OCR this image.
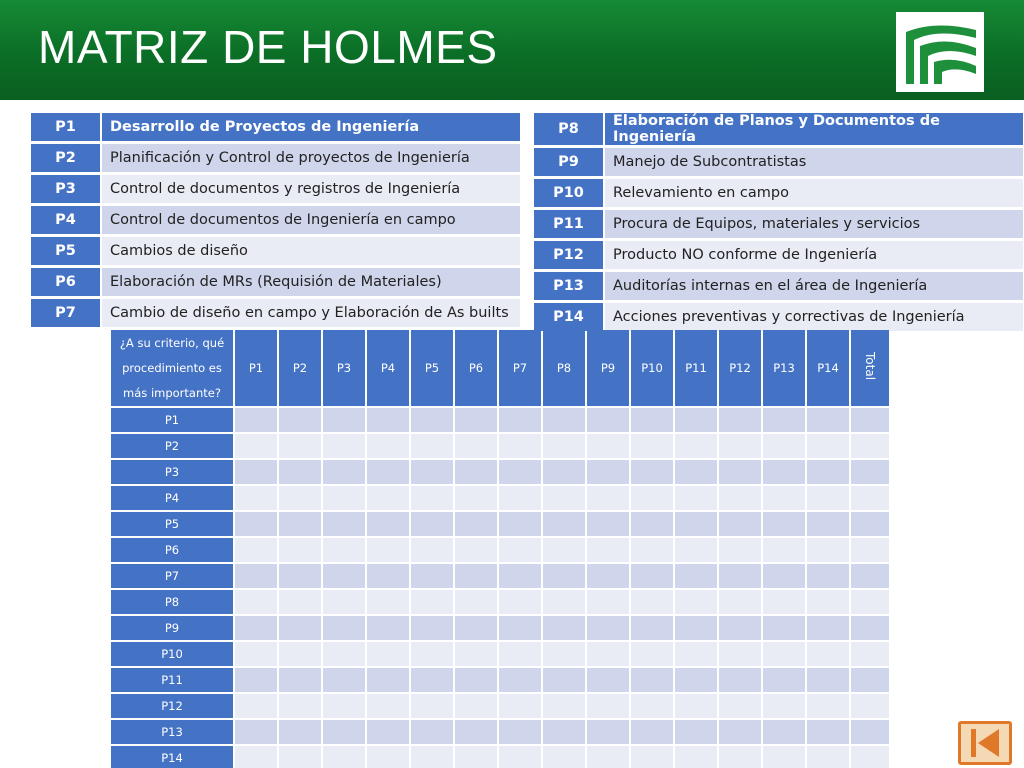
MATRIZ DE HOLMES
P1	Desarrollo de Proyectos de Ingeniería
P2	Planificación y Control de proyectos de Ingeniería
P3	Control de documentos y registros de Ingeniería
P4	Control de documentos de Ingeniería en campo
P5	Cambios de diseño
P6	Elaboración de MRs (Requisión de Materiales)
P7	Cambio de diseño en campo y Elaboración de As builts
P8	Elaboración de Planos y Documentos de Ingeniería
P9	Manejo de Subcontratistas
P10	Relevamiento en campo
P11	Procura de Equipos, materiales y servicios
P12	Producto NO conforme de Ingeniería
P13	Auditorías internas en el área de Ingeniería
P14	Acciones preventivas y correctivas de Ingeniería
¿A su criterio, qué procedimiento es más importante?	P1	P2	P3	P4	P5	P6	P7	P8	P9	P10	P11	P12	P13	P14	Total
P1															
P2															
P3															
P4															
P5															
P6															
P7															
P8															
P9															
P10															
P11															
P12															
P13															
P14															
